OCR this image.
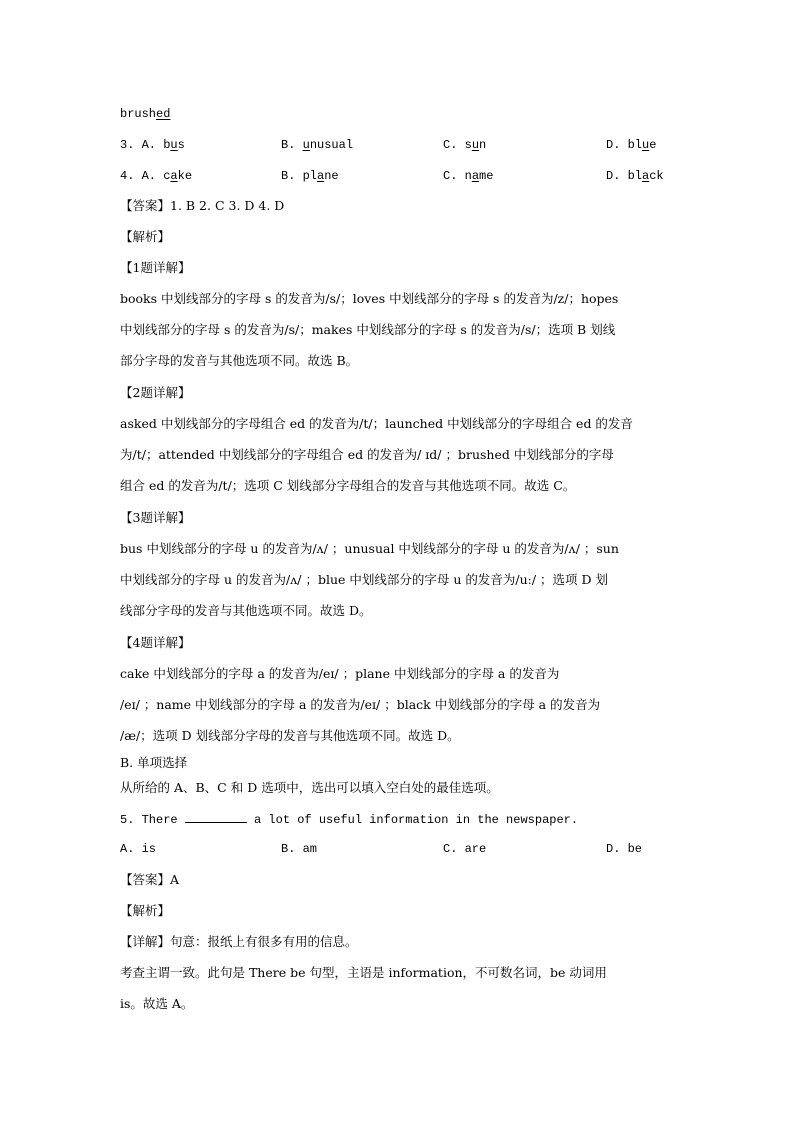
brushed
3. A. bus	B. unusual	C. sun	D. blue
4. A. cake	B. plane	C. name	D. black
【答案】1. B 2. C 3. D 4. D
【解析】
【1题详解】
books 中划线部分的字母 s 的发音为/s/；loves 中划线部分的字母 s 的发音为/z/；hopes
中划线部分的字母 s 的发音为/s/；makes 中划线部分的字母 s 的发音为/s/；选项 B 划线
部分字母的发音与其他选项不同。故选 B。
【2题详解】
asked 中划线部分的字母组合 ed 的发音为/t/；launched 中划线部分的字母组合 ed 的发音
为/t/；attended 中划线部分的字母组合 ed 的发音为/ ɪd/ ；brushed 中划线部分的字母
组合 ed 的发音为/t/；选项 C 划线部分字母组合的发音与其他选项不同。故选 C。
【3题详解】
bus 中划线部分的字母 u 的发音为/ʌ/ ；unusual 中划线部分的字母 u 的发音为/ʌ/ ；sun
中划线部分的字母 u 的发音为/ʌ/ ；blue 中划线部分的字母 u 的发音为/uː/ ；选项 D 划
线部分字母的发音与其他选项不同。故选 D。
【4题详解】
cake 中划线部分的字母 a 的发音为/eɪ/ ；plane 中划线部分的字母 a 的发音为
/eɪ/ ；name 中划线部分的字母 a 的发音为/eɪ/ ；black 中划线部分的字母 a 的发音为
/æ/；选项 D 划线部分字母的发音与其他选项不同。故选 D。
B. 单项选择
从所给的 A、B、C 和 D 选项中，选出可以填入空白处的最佳选项。
5. There	a lot of useful information in the newspaper.
A. is	B. am	C. are	D. be
【答案】A
【解析】
【详解】句意：报纸上有很多有用的信息。
考查主谓一致。此句是 There be 句型，主语是 information，不可数名词，be 动词用
is。故选 A。
